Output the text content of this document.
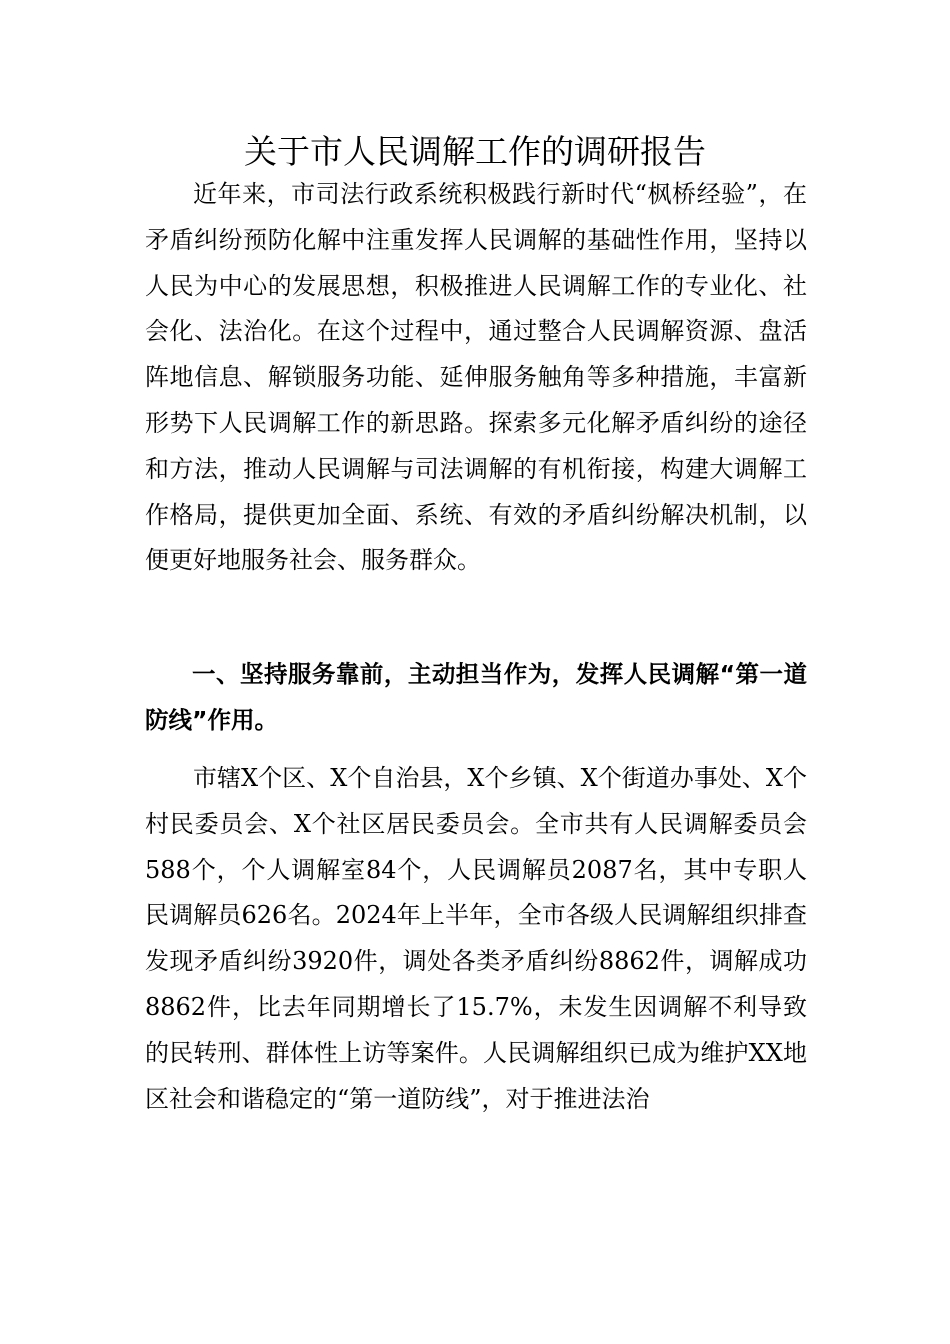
关于市人民调解工作的调研报告

近年来，市司法行政系统积极践行新时代“枫桥经验”，在矛盾纠纷预防化解中注重发挥人民调解的基础性作用，坚持以人民为中心的发展思想，积极推进人民调解工作的专业化、社会化、法治化。在这个过程中，通过整合人民调解资源、盘活阵地信息、解锁服务功能、延伸服务触角等多种措施，丰富新形势下人民调解工作的新思路。探索多元化解矛盾纠纷的途径和方法，推动人民调解与司法调解的有机衔接，构建大调解工作格局，提供更加全面、系统、有效的矛盾纠纷解决机制，以便更好地服务社会、服务群众。

一、坚持服务靠前，主动担当作为，发挥人民调解“第一道防线”作用。

市辖X个区、X个自治县，X个乡镇、X个街道办事处、X个村民委员会、X个社区居民委员会。全市共有人民调解委员会588个，个人调解室84个，人民调解员2087名，其中专职人民调解员626名。2024年上半年，全市各级人民调解组织排查发现矛盾纠纷3920件，调处各类矛盾纠纷8862件，调解成功8862件，比去年同期增长了15.7%，未发生因调解不利导致的民转刑、群体性上访等案件。人民调解组织已成为维护XX地区社会和谐稳定的“第一道防线”，对于推进法治
